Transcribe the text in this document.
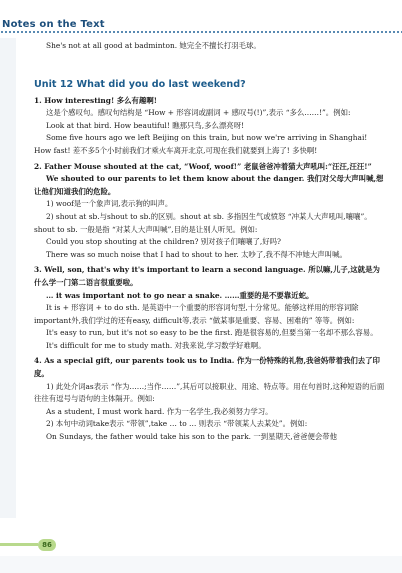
Notes on the Text

She's not at all good at badminton. 她完全不擅长打羽毛球。

Unit 12 What did you do last weekend?

1. How interesting! 多么有趣啊!

这是个感叹句。感叹句结构是 “How + 形容词或副词 + 感叹号(!)”,表示 “多么……!”。例如:

Look at that bird. How beautiful! 瞧那只鸟,多么漂亮呀!

Some five hours ago we left Beijing on this train, but now we're arriving in Shanghai! How fast! 差不多5个小时前我们才乘火车离开北京,可现在我们就要到上海了! 多快啊!

2. Father Mouse shouted at the cat, “Woof, woof!” 老鼠爸爸冲着猫大声吼叫:“汪汪,汪汪!”

We shouted to our parents to let them know about the danger. 我们对父母大声叫喊,想让他们知道我们的危险。

1) woof是一个象声词,表示狗的叫声。

2) shout at sb.与shout to sb.的区别。shout at sb. 多指因生气或愤怒 “冲某人大声吼叫,嚷嚷”。shout to sb. 一般是指 “对某人大声叫喊”,目的是让别人听见。例如:

Could you stop shouting at the children? 别对孩子们嚷嚷了,好吗?

There was so much noise that I had to shout to her. 太吵了,我不得不冲她大声叫喊。

3. Well, son, that's why it's important to learn a second language. 所以嘛,儿子,这就是为什么学一门第二语言很重要啦。

… it was important not to go near a snake. ……重要的是不要靠近蛇。

It is + 形容词 + to do sth. 是英语中一个重要的形容词句型,十分常见。能够这样用的形容词除important外,我们学过的还有easy, difficult等,表示 “做某事是重要、容易、困难的” 等等。例如:

It's easy to run, but it's not so easy to be the first. 跑是很容易的,但要当第一名却不那么容易。

It's difficult for me to study math. 对我来说,学习数学好难啊。

4. As a special gift, our parents took us to India. 作为一份特殊的礼物,我爸妈带着我们去了印度。

1) 此处介词as表示 “作为……;当作……”,其后可以接职业、用途、特点等。用在句首时,这种短语的后面往往有逗号与语句的主体隔开。例如:

As a student, I must work hard. 作为一名学生,我必须努力学习。

2) 本句中动词take表示 “带领”,take … to … 则表示 “带领某人去某处”。例如:

On Sundays, the father would take his son to the park. 一到星期天,爸爸便会带他

86
